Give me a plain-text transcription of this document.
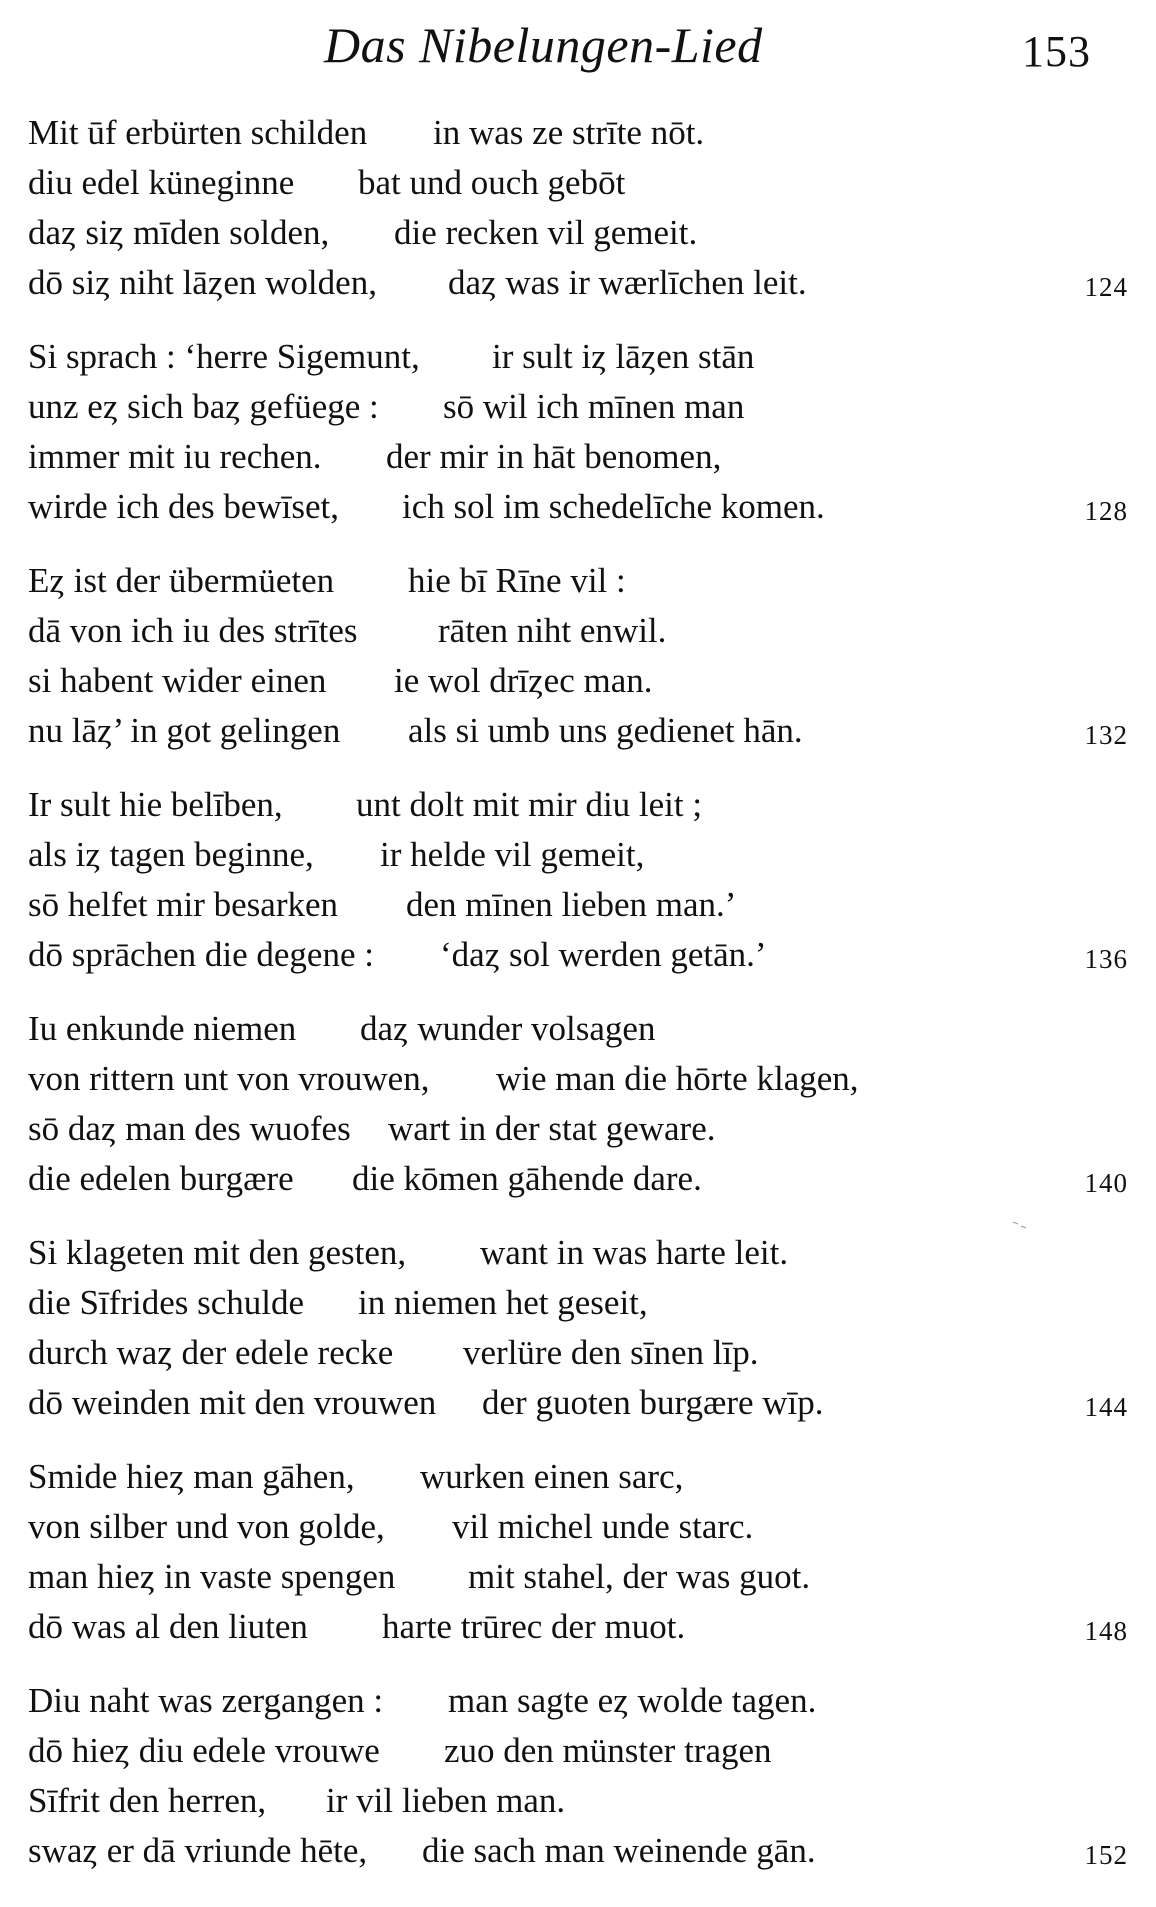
Das Nibelungen-Lied	153
Mit ūf erbürten schilden in was ze strīte nōt.
diu edel küneginne bat und ouch gebōt
daȥ siȥ mīden solden, die recken vil gemeit.
dō siȥ niht lāȥen wolden, daȥ was ir wærlīchen leit.	124
Si sprach : ‘herre Sigemunt, ir sult iȥ lāȥen stān
unz eȥ sich baȥ gefüege : sō wil ich mīnen man
immer mit iu rechen. der mir in hāt benomen,
wirde ich des bewīset, ich sol im schedelīche komen.	128
Eȥ ist der übermüeten hie bī Rīne vil :
dā von ich iu des strītes rāten niht enwil.
si habent wider einen ie wol drīȥec man.
nu lāȥ’ in got gelingen als si umb uns gedienet hān.	132
Ir sult hie belīben, unt dolt mit mir diu leit ;
als iȥ tagen beginne, ir helde vil gemeit,
sō helfet mir besarken den mīnen lieben man.’
dō sprāchen die degene : ‘daȥ sol werden getān.’	136
Iu enkunde niemen daȥ wunder volsagen
von rittern unt von vrouwen, wie man die hōrte klagen,
sō daȥ man des wuofes wart in der stat geware.
die edelen burgære die kōmen gāhende dare.	140
Si klageten mit den gesten, want in was harte leit.
die Sīfrides schulde in niemen het geseit,
durch waȥ der edele recke verlüre den sīnen līp.
dō weinden mit den vrouwen der guoten burgære wīp.	144
Smide hieȥ man gāhen, wurken einen sarc,
von silber und von golde, vil michel unde starc.
man hieȥ in vaste spengen mit stahel, der was guot.
dō was al den liuten harte trūrec der muot.	148
Diu naht was zergangen : man sagte eȥ wolde tagen.
dō hieȥ diu edele vrouwe zuo den münster tragen
Sīfrit den herren, ir vil lieben man.
swaȥ er dā vriunde hēte, die sach man weinende gān.	152
